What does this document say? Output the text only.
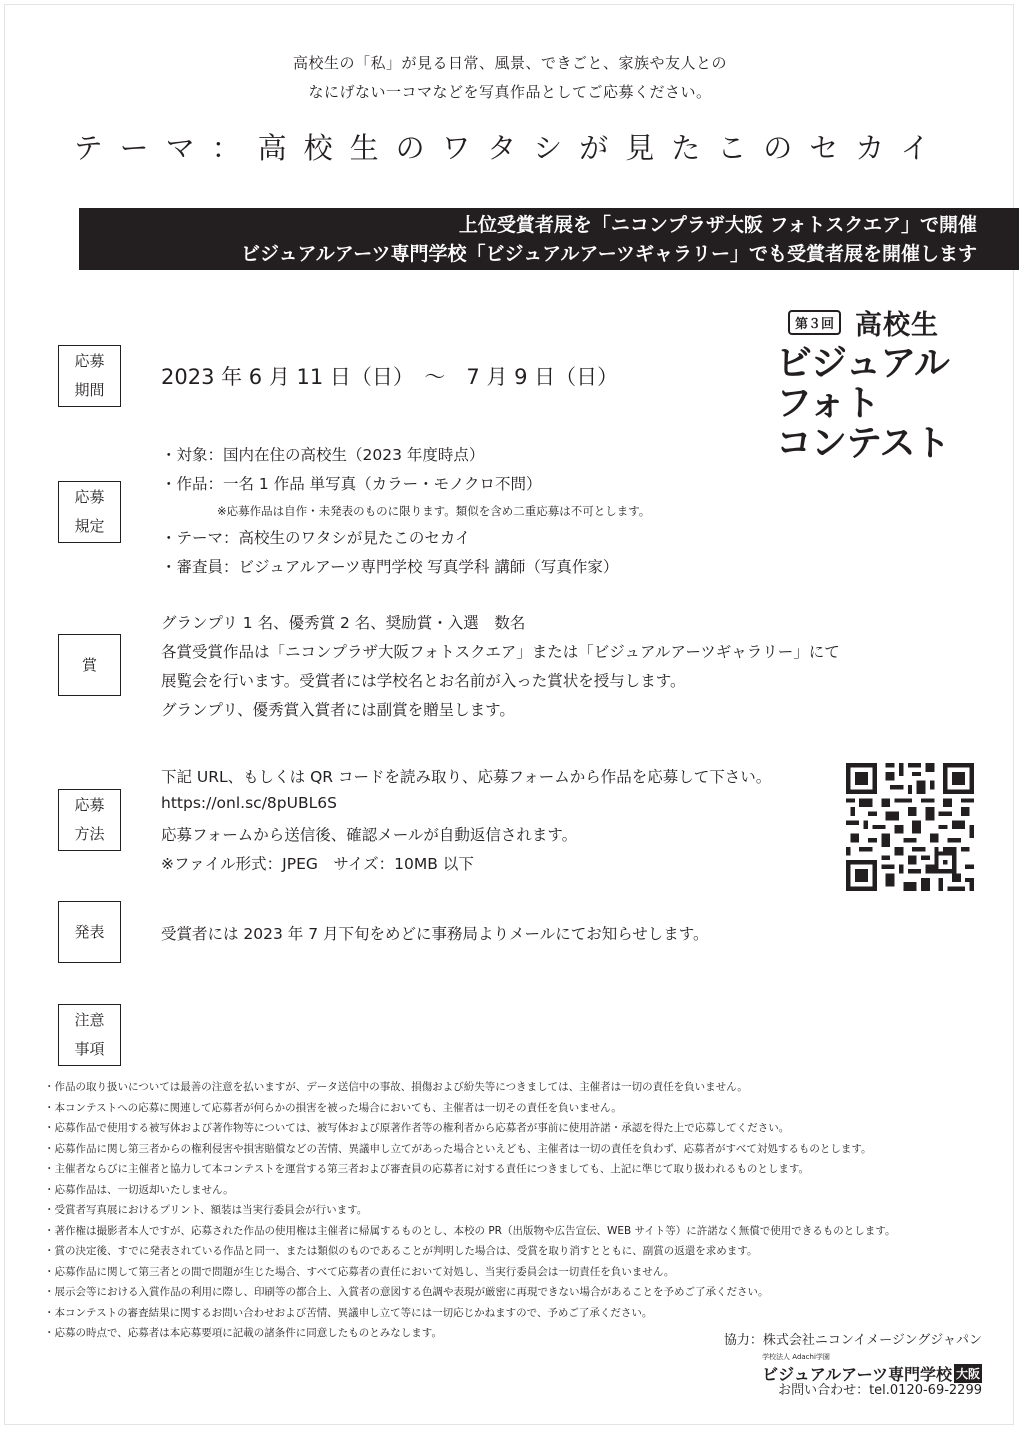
高校生の「私」が見る日常、風景、できごと、家族や友人との
なにげない一コマなどを写真作品としてご応募ください。
テーマ：高校生のワタシが見たこのセカイ
上位受賞者展を「ニコンプラザ大阪 フォトスクエア」で開催
ビジュアルアーツ専門学校「ビジュアルアーツギャラリー」でも受賞者展を開催します
第３回 高校生
ビジュアル
フォト
コンテスト
応募
期間
2023 年 6 月 11 日（日）　～　7 月 9 日（日）
応募
規定
・対象：国内在住の高校生（2023 年度時点）
・作品：一名 1 作品 単写真（カラー・モノクロ不問）
※応募作品は自作・未発表のものに限ります。類似を含め二重応募は不可とします。
・テーマ：高校生のワタシが見たこのセカイ
・審査員：ビジュアルアーツ専門学校 写真学科 講師（写真作家）
賞
グランプリ 1 名、優秀賞 2 名、奨励賞・入選　数名
各賞受賞作品は「ニコンプラザ大阪フォトスクエア」または「ビジュアルアーツギャラリー」にて
展覧会を行います。受賞者には学校名とお名前が入った賞状を授与します。
グランプリ、優秀賞入賞者には副賞を贈呈します。
応募
方法
下記 URL、もしくは QR コードを読み取り、応募フォームから作品を応募して下さい。
https://onl.sc/8pUBL6S
応募フォームから送信後、確認メールが自動返信されます。
※ファイル形式：JPEG　サイズ：10MB 以下
発表	受賞者には 2023 年 7 月下旬をめどに事務局よりメールにてお知らせします。
注意
事項
・作品の取り扱いについては最善の注意を払いますが、データ送信中の事故、損傷および紛失等につきましては、主催者は一切の責任を負いません。
・本コンテストへの応募に関連して応募者が何らかの損害を被った場合においても、主催者は一切その責任を負いません。
・応募作品で使用する被写体および著作物等については、被写体および原著作者等の権利者から応募者が事前に使用許諾・承認を得た上で応募してください。
・応募作品に関し第三者からの権利侵害や損害賠償などの苦情、異議申し立てがあった場合といえども、主催者は一切の責任を負わず、応募者がすべて対処するものとします。
・主催者ならびに主催者と協力して本コンテストを運営する第三者および審査員の応募者に対する責任につきましても、上記に準じて取り扱われるものとします。
・応募作品は、一切返却いたしません。
・受賞者写真展におけるプリント、額装は当実行委員会が行います。
・著作権は撮影者本人ですが、応募された作品の使用権は主催者に帰属するものとし、本校の PR（出版物や広告宣伝、WEB サイト等）に許諾なく無償で使用できるものとします。
・賞の決定後、すでに発表されている作品と同一、または類似のものであることが判明した場合は、受賞を取り消すとともに、副賞の返還を求めます。
・応募作品に関して第三者との間で問題が生じた場合、すべて応募者の責任において対処し、当実行委員会は一切責任を負いません。
・展示会等における入賞作品の利用に際し、印刷等の都合上、入賞者の意図する色調や表現が厳密に再現できない場合があることを予めご了承ください。
・本コンテストの審査結果に関するお問い合わせおよび苦情、異議申し立て等には一切応じかねますので、予めご了承ください。
・応募の時点で、応募者は本応募要項に記載の諸条件に同意したものとみなします。	協力：株式会社ニコンイメージングジャパン
学校法人 Adachi学園
ビジュアルアーツ専門学校 大阪
お問い合わせ：tel.0120-69-2299
